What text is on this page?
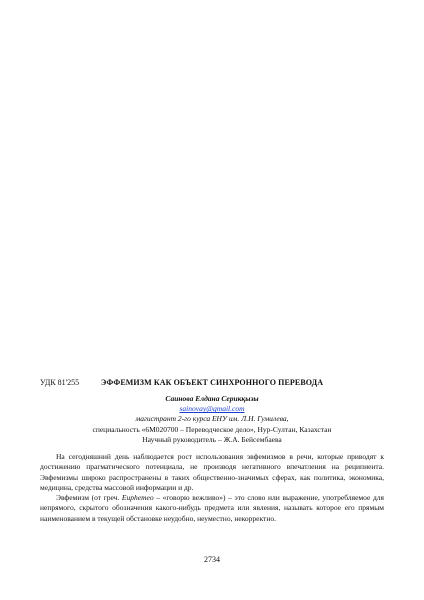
УДК 81'255	ЭФФЕМИЗМ КАК ОБЪЕКТ СИНХРОННОГО ПЕРЕВОДА
Саинова Елдана Серикқызы
sainovay@gmail.com
магистрант 2-го курса ЕНУ им. Л.Н. Гумилева,
специальность «6M020700 – Переводческое дело», Нур-Султан, Казахстан
Научный руководитель – Ж.А. Бейсембаева

На сегодняшний день наблюдается рост использования эвфемизмов в речи, которые приводят к достижению прагматического потенциала, не производя негативного впечатления на реципиента. Эвфемизмы широко распространены в таких общественно-значимых сферах, как политика, экономика, медицина, средства массовой информации и др.

Эвфемизм (от греч. Euphemeo – «говорю вежливо») – это слово или выражение, употребляемое для непрямого, скрытого обозначения какого-нибудь предмета или явления, называть которое его прямым наименованием в текущей обстановке неудобно, неуместно, некорректно.

2734
